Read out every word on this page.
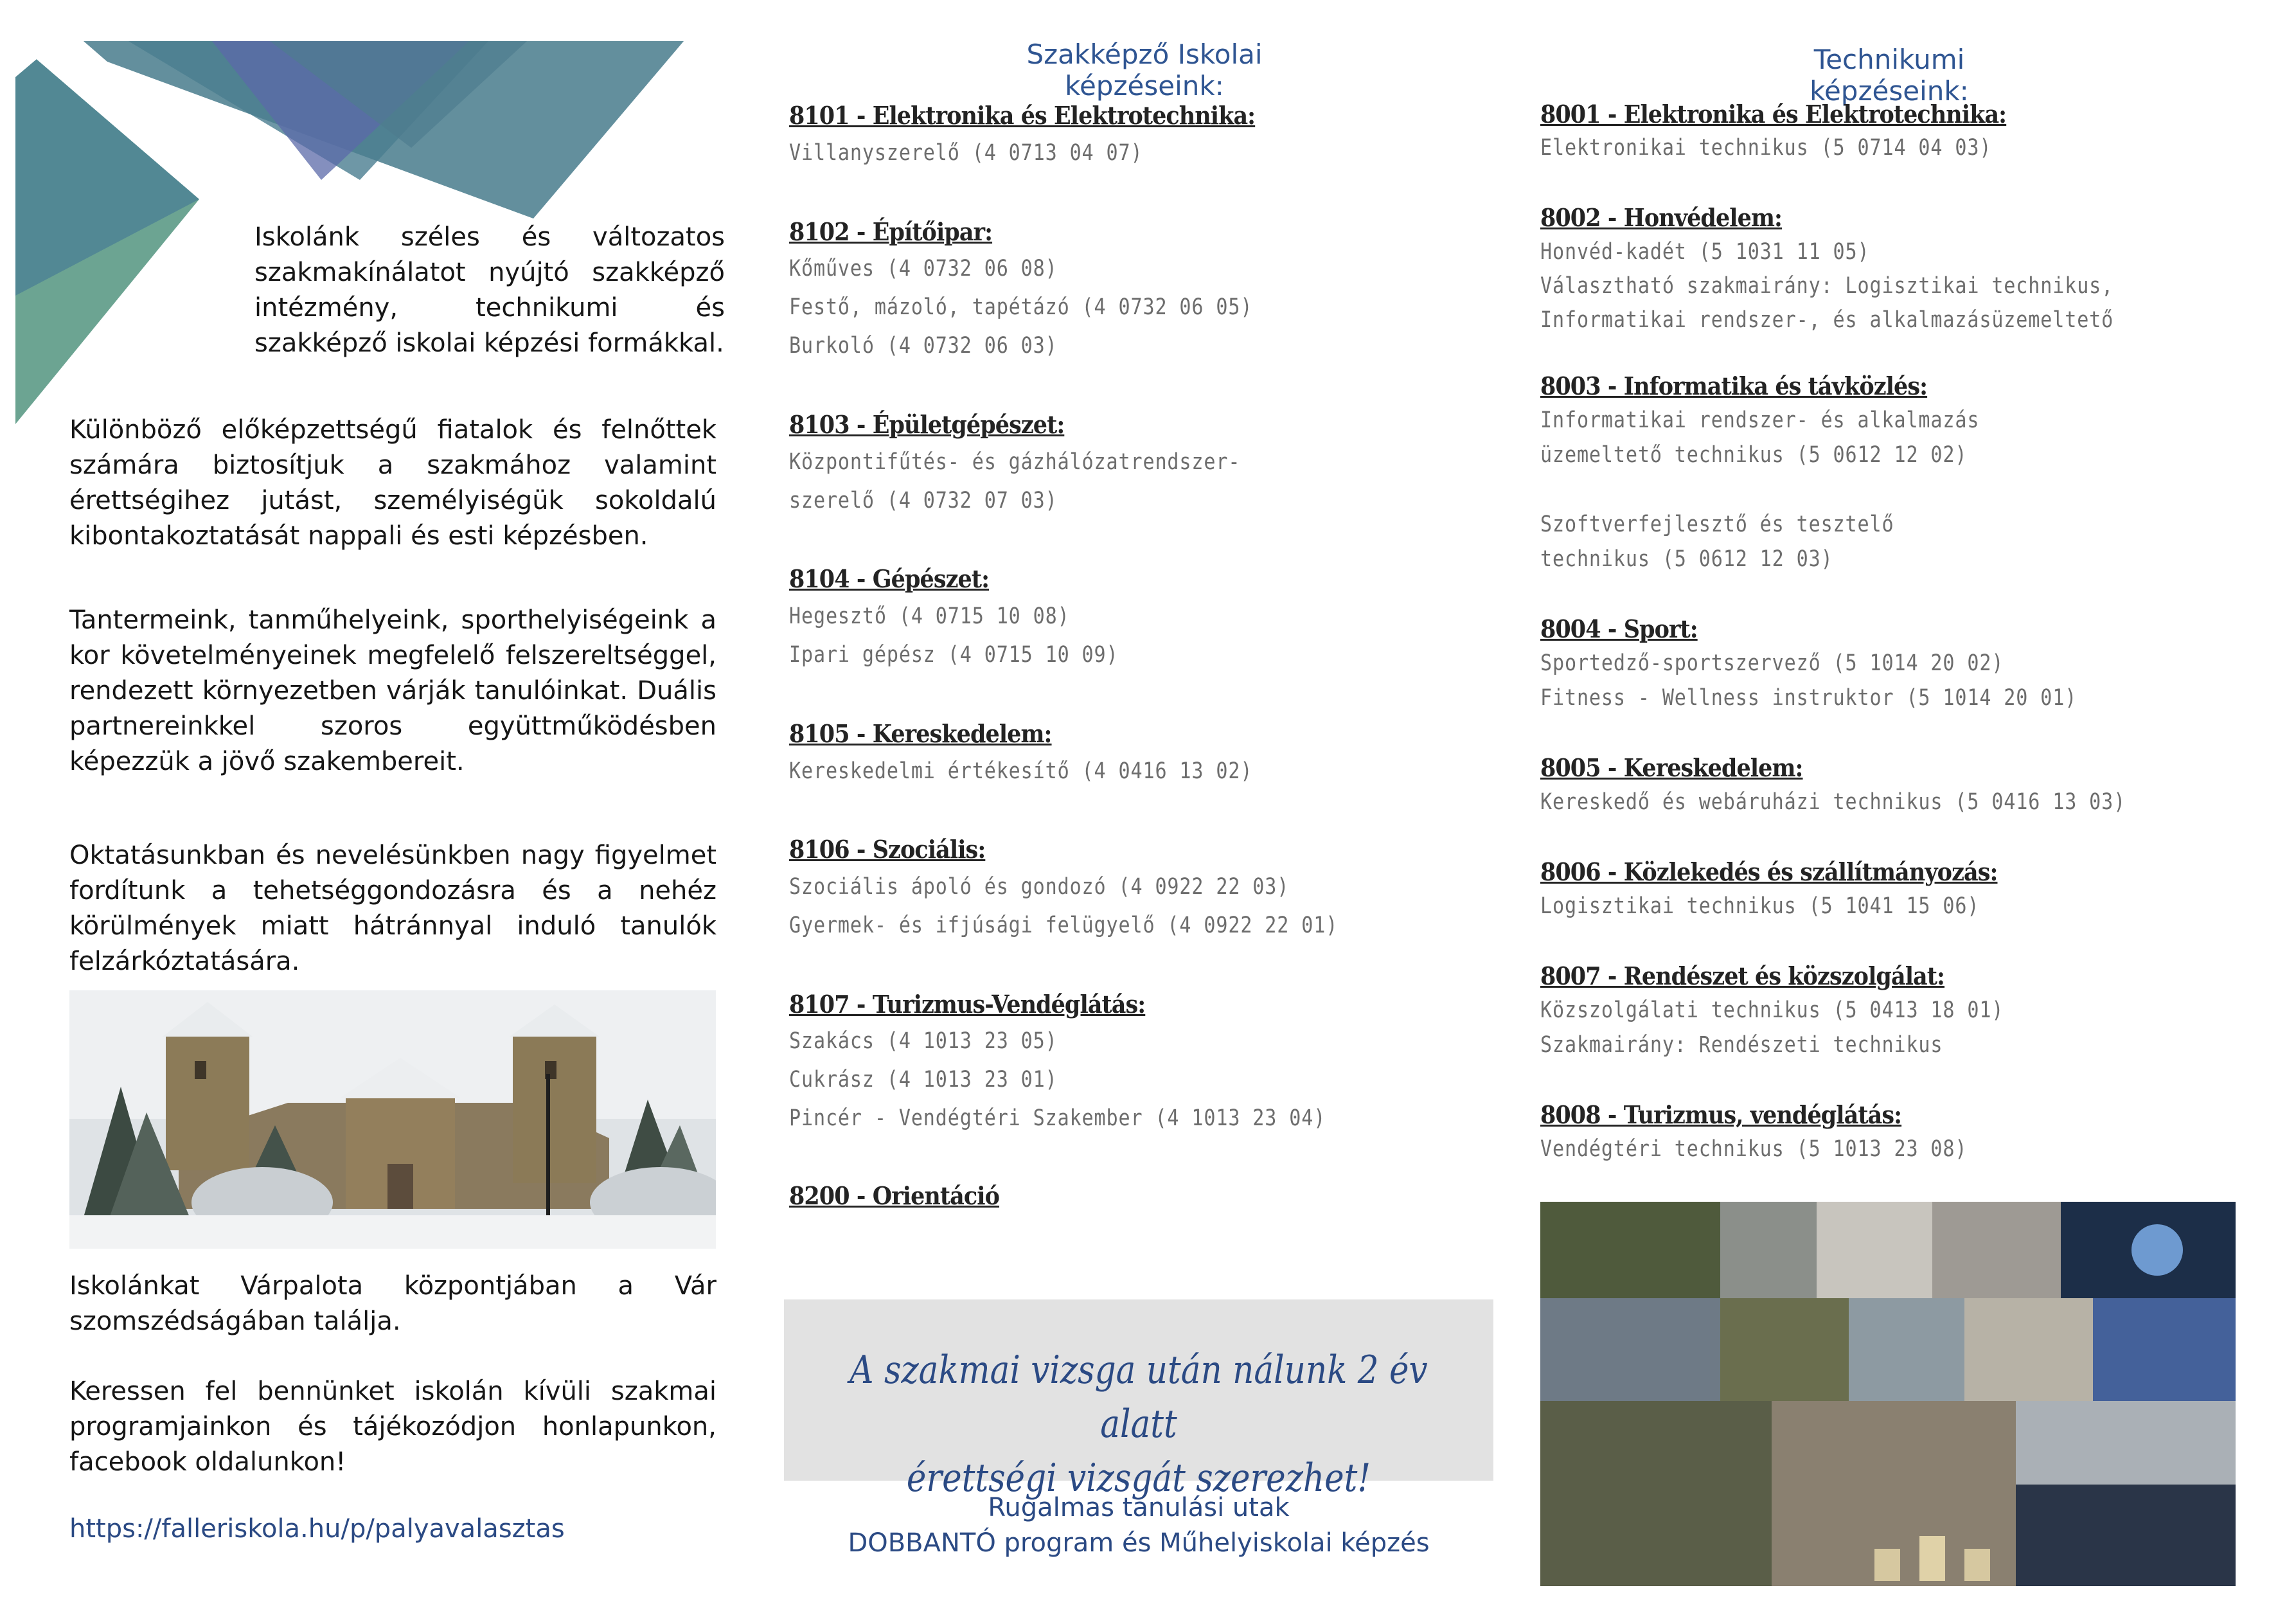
Iskolánk széles és változatos szakmakínálatot nyújtó szakképző intézmény, technikumi és szakképző iskolai képzési formákkal.

Különböző előképzettségű fiatalok és felnőttek számára biztosítjuk a szakmához valamint érettségihez jutást, személyiségük sokoldalú kibontakoztatását nappali és esti képzésben.

Tantermeink, tanműhelyeink, sporthelyiségeink a kor követelményeinek megfelelő felszereltséggel, rendezett környezetben várják tanulóinkat. Duális partnereinkkel szoros együttműködésben képezzük a jövő szakembereit.

Oktatásunkban és nevelésünkben nagy figyelmet fordítunk a tehetséggondozásra és a nehéz körülmények miatt hátránnyal induló tanulók felzárkóztatására.

Iskolánkat Várpalota központjában a Vár szomszédságában találja.

Keressen fel bennünket iskolán kívüli szakmai programjainkon és tájékozódjon honlapunkon, facebook oldalunkon!

https://falleriskola.hu/p/palyavalasztas
Szakképző Iskolai képzéseink:
8101 - Elektronika és Elektrotechnika:
Villanyszerelő (4 0713 04 07)
8102 - Építőipar:
Kőműves (4 0732 06 08)
Festő, mázoló, tapétázó (4 0732 06 05)
Burkoló (4 0732 06 03)
8103 - Épületgépészet:
Központifűtés- és gázhálózatrendszer-
szerelő (4 0732 07 03)
8104 - Gépészet:
Hegesztő (4 0715 10 08)
Ipari gépész (4 0715 10 09)
8105 - Kereskedelem:
Kereskedelmi értékesítő (4 0416 13 02)
8106 - Szociális:
Szociális ápoló és gondozó (4 0922 22 03)
Gyermek- és ifjúsági felügyelő (4 0922 22 01)
8107 - Turizmus-Vendéglátás:
Szakács (4 1013 23 05)
Cukrász (4 1013 23 01)
Pincér - Vendégtéri Szakember (4 1013 23 04)
8200 - Orientáció
A szakmai vizsga után nálunk 2 év alatt
érettségi vizsgát szerezhet!
Rugalmas tanulási utak
DOBBANTÓ program és Műhelyiskolai képzés
Technikumi képzéseink:
8001 - Elektronika és Elektrotechnika:
Elektronikai technikus (5 0714 04 03)
8002 - Honvédelem:
Honvéd-kadét (5 1031 11 05)
Választható szakmairány: Logisztikai technikus,
Informatikai rendszer-, és alkalmazásüzemeltető
8003 - Informatika és távközlés:
Informatikai rendszer- és alkalmazás
üzemeltető technikus (5 0612 12 02)
Szoftverfejlesztő és tesztelő
technikus (5 0612 12 03)
8004 - Sport:
Sportedző-sportszervező (5 1014 20 02)
Fitness - Wellness instruktor (5 1014 20 01)
8005 - Kereskedelem:
Kereskedő és webáruházi technikus (5 0416 13 03)
8006 - Közlekedés és szállítmányozás:
Logisztikai technikus (5 1041 15 06)
8007 - Rendészet és közszolgálat:
Közszolgálati technikus (5 0413 18 01)
Szakmairány: Rendészeti technikus
8008 - Turizmus, vendéglátás:
Vendégtéri technikus (5 1013 23 08)
